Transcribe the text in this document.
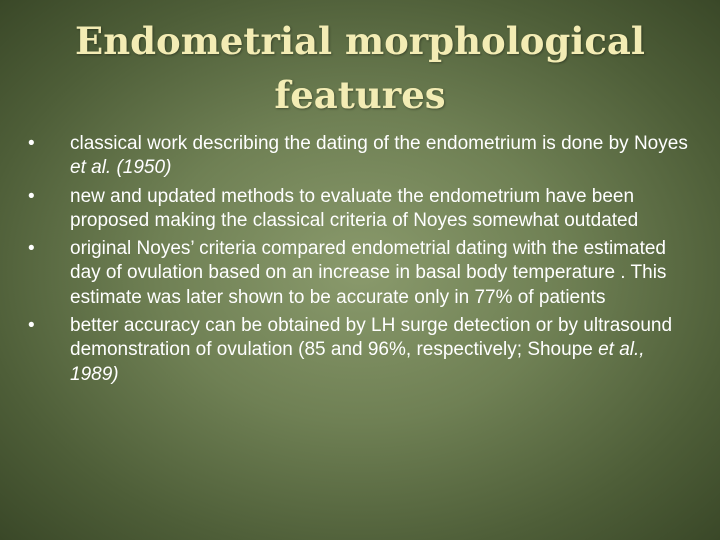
Endometrial morphological features
• classical work describing the dating of the endometrium is done by Noyes et al. (1950)
• new and updated methods to evaluate the endometrium have been proposed making the classical criteria of Noyes somewhat outdated
• original Noyes’ criteria compared endometrial dating with the estimated day of ovulation based on an increase in basal body temperature . This estimate was later shown to be accurate only in 77% of patients
• better accuracy can be obtained by LH surge detection or by ultrasound demonstration of ovulation (85 and 96%, respectively; Shoupe et al., 1989)
